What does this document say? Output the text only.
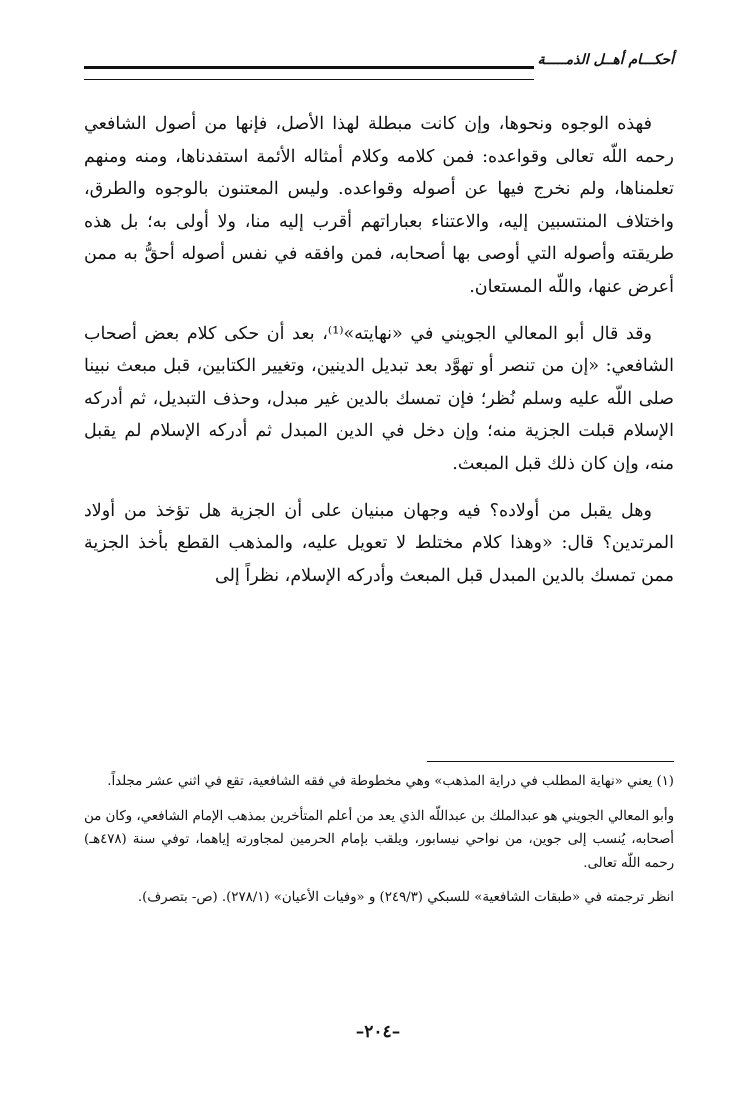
أحكـــام أهــل الذمـــــة

فهذه الوجوه ونحوها، وإن كانت مبطلة لهذا الأصل، فإنها من أصول الشافعي رحمه اللّه تعالى وقواعده: فمن كلامه وكلام أمثاله الأئمة استفدناها، ومنه ومنهم تعلمناها، ولم نخرج فيها عن أصوله وقواعده. وليس المعتنون بالوجوه والطرق، واختلاف المنتسبين إليه، والاعتناء بعباراتهم أقرب إليه منا، ولا أولى به؛ بل هذه طريقته وأصوله التي أوصى بها أصحابه، فمن وافقه في نفس أصوله أحقُّ به ممن أعرض عنها، واللّه المستعان.

وقد قال أبو المعالي الجويني في «نهايته»⁽¹⁾، بعد أن حكى كلام بعض أصحاب الشافعي: «إن من تنصر أو تهوَّد بعد تبديل الدينين، وتغيير الكتابين، قبل مبعث نبينا صلى اللّه عليه وسلم نُظر؛ فإن تمسك بالدين غير مبدل، وحذف التبديل، ثم أدركه الإسلام قبلت الجزية منه؛ وإن دخل في الدين المبدل ثم أدركه الإسلام لم يقبل منه، وإن كان ذلك قبل المبعث.

وهل يقبل من أولاده؟ فيه وجهان مبنيان على أن الجزية هل تؤخذ من أولاد المرتدين؟ قال: «وهذا كلام مختلط لا تعويل عليه، والمذهب القطع بأخذ الجزية ممن تمسك بالدين المبدل قبل المبعث وأدركه الإسلام، نظراً إلى

(١) يعني «نهاية المطلب في دراية المذهب» وهي مخطوطة في فقه الشافعية، تقع في اثني عشر مجلداً.

وأبو المعالي الجويني هو عبدالملك بن عبداللّه الذي يعد من أعلم المتأخرين بمذهب الإمام الشافعي، وكان من أصحابه، يُنسب إلى جوين، من نواحي نيسابور، ويلقب بإمام الحرمين لمجاورته إياهما، توفي سنة (٤٧٨هـ) رحمه اللّه تعالى.

انظر ترجمته في «طبقات الشافعية» للسبكي (٢٤٩/٣) و «وفيات الأعيان» (٢٧٨/١). (ص- بتصرف).

–٢٠٤–
